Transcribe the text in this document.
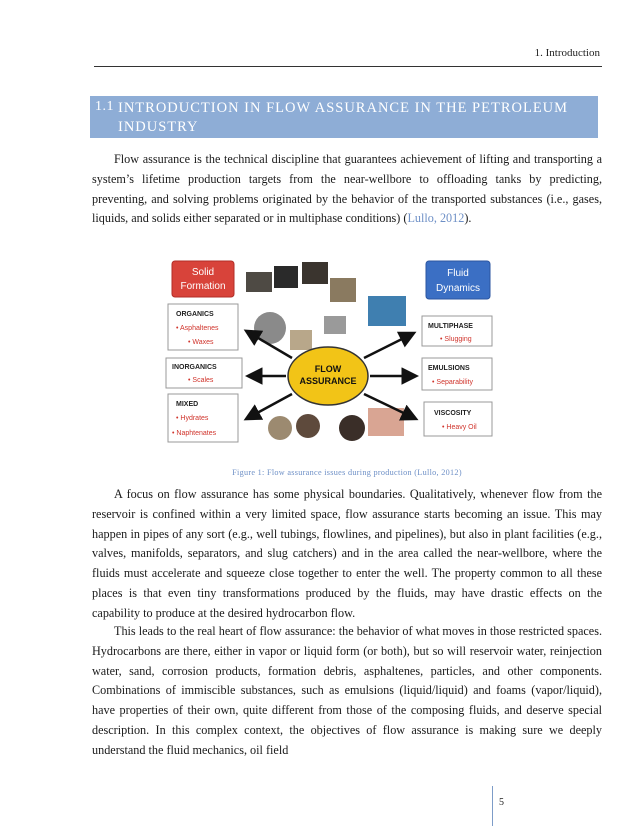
1. Introduction
1.1 INTRODUCTION IN FLOW ASSURANCE IN THE PETROLEUM INDUSTRY

Flow assurance is the technical discipline that guarantees achievement of lifting and transporting a system’s lifetime production targets from the near-wellbore to offloading tanks by predicting, preventing, and solving problems originated by the behavior of the transported substances (i.e., gases, liquids, and solids either separated or in multiphase conditions) (Lullo, 2012).

Solid
Formation
Fluid
Dynamics
ORGANICS
• Asphaltenes
• Waxes
INORGANICS
• Scales
MIXED
• Hydrates
• Naphtenates
MULTIPHASE
• Slugging
EMULSIONS
• Separability
VISCOSITY
• Heavy Oil
FLOW
ASSURANCE
Figure 1: Flow assurance issues during production (Lullo, 2012)

A focus on flow assurance has some physical boundaries. Qualitatively, whenever flow from the reservoir is confined within a very limited space, flow assurance starts becoming an issue. This may happen in pipes of any sort (e.g., well tubings, flowlines, and pipelines), but also in plant facilities (e.g., valves, manifolds, separators, and slug catchers) and in the area called the near-wellbore, where the fluids must accelerate and squeeze close together to enter the well. The property common to all these places is that even tiny transformations produced by the fluids, may have drastic effects on the capability to produce at the desired hydrocarbon flow.

This leads to the real heart of flow assurance: the behavior of what moves in those restricted spaces. Hydrocarbons are there, either in vapor or liquid form (or both), but so will reservoir water, reinjection water, sand, corrosion products, formation debris, asphaltenes, particles, and other components. Combinations of immiscible substances, such as emulsions (liquid/liquid) and foams (vapor/liquid), have properties of their own, quite different from those of the composing fluids, and deserve special description. In this complex context, the objectives of flow assurance is making sure we deeply understand the fluid mechanics, oil field

5
